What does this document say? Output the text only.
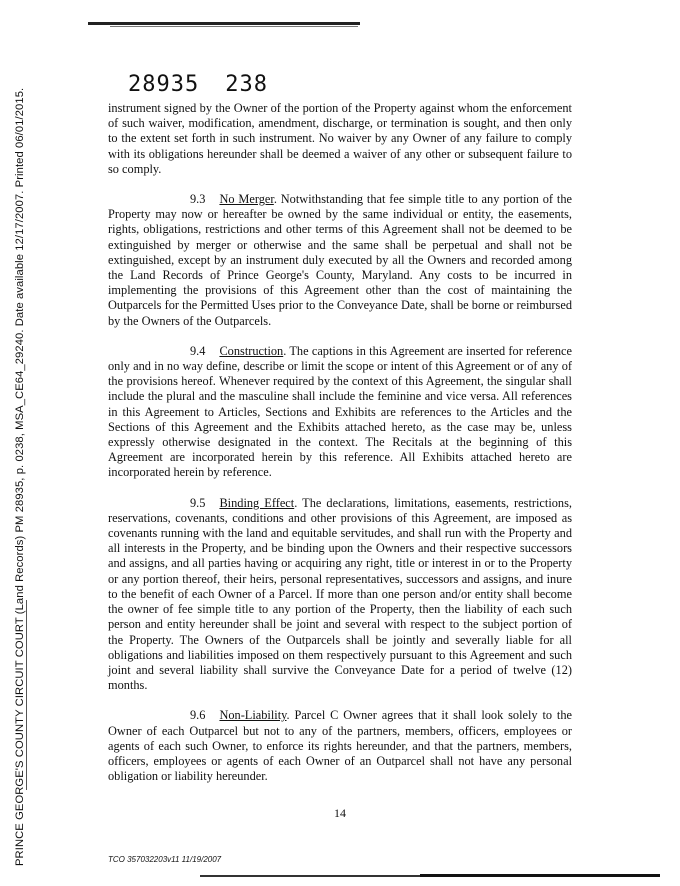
28935 238
PRINCE GEORGE'S COUNTY CIRCUIT COURT (Land Records) PM 28935, p. 0238, MSA_CE64_29240. Date available 12/17/2007. Printed 06/01/2015.	instrument signed by the Owner of the portion of the Property against whom the enforcement of such waiver, modification, amendment, discharge, or termination is sought, and then only to the extent set forth in such instrument. No waiver by any Owner of any failure to comply with its obligations hereunder shall be deemed a waiver of any other or subsequent failure to so comply.

9.3 No Merger. Notwithstanding that fee simple title to any portion of the Property may now or hereafter be owned by the same individual or entity, the easements, rights, obligations, restrictions and other terms of this Agreement shall not be deemed to be extinguished by merger or otherwise and the same shall be perpetual and shall not be extinguished, except by an instrument duly executed by all the Owners and recorded among the Land Records of Prince George's County, Maryland. Any costs to be incurred in implementing the provisions of this Agreement other than the cost of maintaining the Outparcels for the Permitted Uses prior to the Conveyance Date, shall be borne or reimbursed by the Owners of the Outparcels.

9.4 Construction. The captions in this Agreement are inserted for reference only and in no way define, describe or limit the scope or intent of this Agreement or of any of the provisions hereof. Whenever required by the context of this Agreement, the singular shall include the plural and the masculine shall include the feminine and vice versa. All references in this Agreement to Articles, Sections and Exhibits are references to the Articles and the Sections of this Agreement and the Exhibits attached hereto, as the case may be, unless expressly otherwise designated in the context. The Recitals at the beginning of this Agreement are incorporated herein by this reference. All Exhibits attached hereto are incorporated herein by reference.

9.5 Binding Effect. The declarations, limitations, easements, restrictions, reservations, covenants, conditions and other provisions of this Agreement, are imposed as covenants running with the land and equitable servitudes, and shall run with the Property and all interests in the Property, and be binding upon the Owners and their respective successors and assigns, and all parties having or acquiring any right, title or interest in or to the Property or any portion thereof, their heirs, personal representatives, successors and assigns, and inure to the benefit of each Owner of a Parcel. If more than one person and/or entity shall become the owner of fee simple title to any portion of the Property, then the liability of each such person and entity hereunder shall be joint and several with respect to the subject portion of the Property. The Owners of the Outparcels shall be jointly and severally liable for all obligations and liabilities imposed on them respectively pursuant to this Agreement and such joint and several liability shall survive the Conveyance Date for a period of twelve (12) months.

9.6 Non-Liability. Parcel C Owner agrees that it shall look solely to the Owner of each Outparcel but not to any of the partners, members, officers, employees or agents of each such Owner, to enforce its rights hereunder, and that the partners, members, officers, employees or agents of each Owner of an Outparcel shall not have any personal obligation or liability hereunder.

14
TCO 357032203v11 11/19/2007
